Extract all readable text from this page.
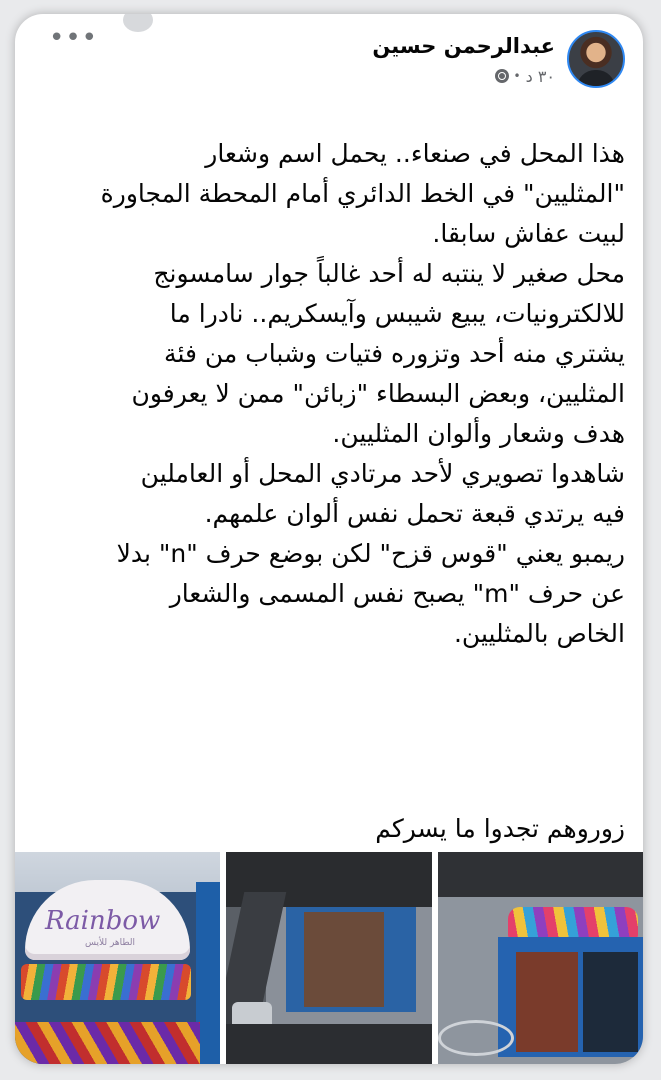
•••	عبدالرحمن حسين
٣٠ د
•

هذا المحل في صنعاء.. يحمل اسم وشعار
"المثليين" في الخط الدائري أمام المحطة المجاورة
لبيت عفاش سابقا.

محل صغير لا ينتبه له أحد غالباً جوار سامسونج
للالكترونيات، يبيع شيبس وآيسكريم.. نادرا ما
يشتري منه أحد وتزوره فتيات وشباب من فئة
المثليين، وبعض البسطاء "زبائن" ممن لا يعرفون
هدف وشعار وألوان المثليين.

شاهدوا تصويري لأحد مرتادي المحل أو العاملين
فيه يرتدي قبعة تحمل نفس ألوان علمهم.

ريمبو يعني "قوس قزح" لكن بوضع حرف "n" بدلا
عن حرف "m" يصبح نفس المسمى والشعار
الخاص بالمثليين.

زوروهم تجدوا ما يسركم
Rainbow
الطاهر للأيس
